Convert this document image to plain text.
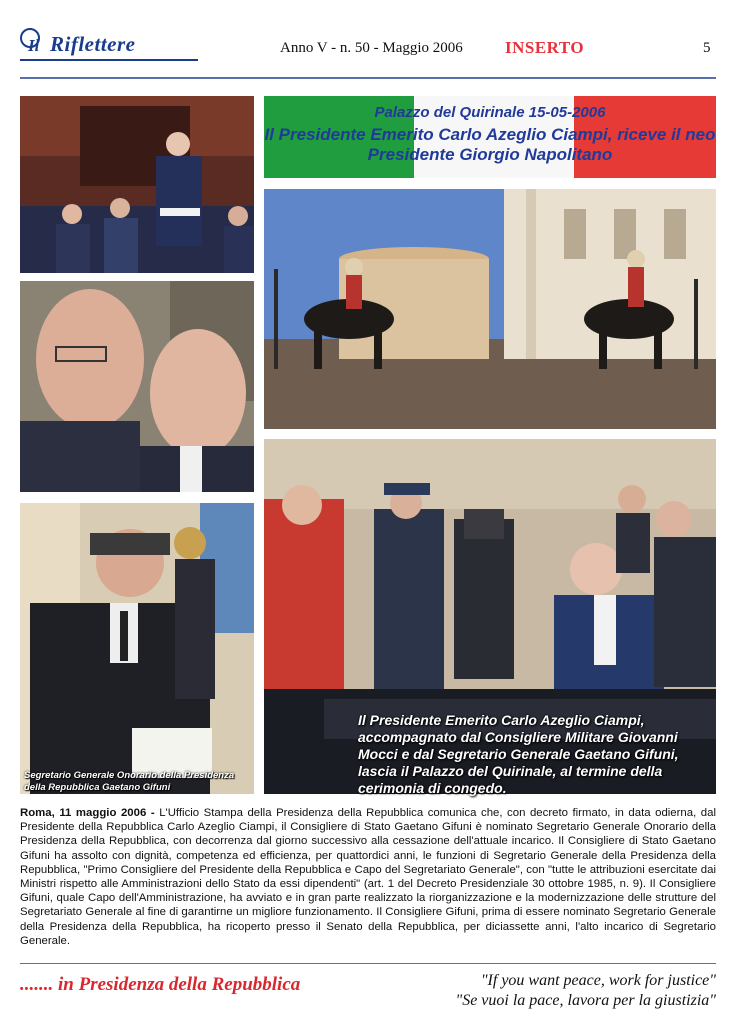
Il Riflettere	Anno V - n. 50 - Maggio 2006 INSERTO	5
Palazzo del Quirinale 15-05-2006
Il Presidente Emerito Carlo Azeglio Ciampi, riceve il neo Presidente Giorgio Napolitano
Segretario Generale Onorario della Presidenza della Repubblica Gaetano Gifuni
Il Presidente Emerito Carlo Azeglio Ciampi, accompagnato dal Consigliere Militare Giovanni Mocci e dal Segretario Generale Gaetano Gifuni, lascia il Palazzo del Quirinale, al termine della cerimonia di congedo.
Roma, 11 maggio 2006 - L'Ufficio Stampa della Presidenza della Repubblica comunica che, con decreto firmato, in data odierna, dal Presidente della Repubblica Carlo Azeglio Ciampi, il Consigliere di Stato Gaetano Gifuni è nominato Segretario Generale Onorario della Presidenza della Repubblica, con decorrenza dal giorno successivo alla cessazione dell'attuale incarico. Il Consigliere di Stato Gaetano Gifuni ha assolto con dignità, competenza ed efficienza, per quattordici anni, le funzioni di Segretario Generale della Presidenza della Repubblica, "Primo Consigliere del Presidente della Repubblica e Capo del Segretariato Generale", con "tutte le attribuzioni esercitate dai Ministri rispetto alle Amministrazioni dello Stato da essi dipendenti" (art. 1 del Decreto Presidenziale 30 ottobre 1985, n. 9). Il Consigliere Gifuni, quale Capo dell'Amministrazione, ha avviato e in gran parte realizzato la riorganizzazione e la modernizzazione delle strutture del Segretariato Generale al fine di garantirne un migliore funzionamento. Il Consigliere Gifuni, prima di essere nominato Segretario Generale della Presidenza della Repubblica, ha ricoperto presso il Senato della Repubblica, per diciassette anni, l'alto incarico di Segretario Generale.
....... in Presidenza della Repubblica	"If you want peace, work for justice"
"Se vuoi la pace, lavora per la giustizia"
